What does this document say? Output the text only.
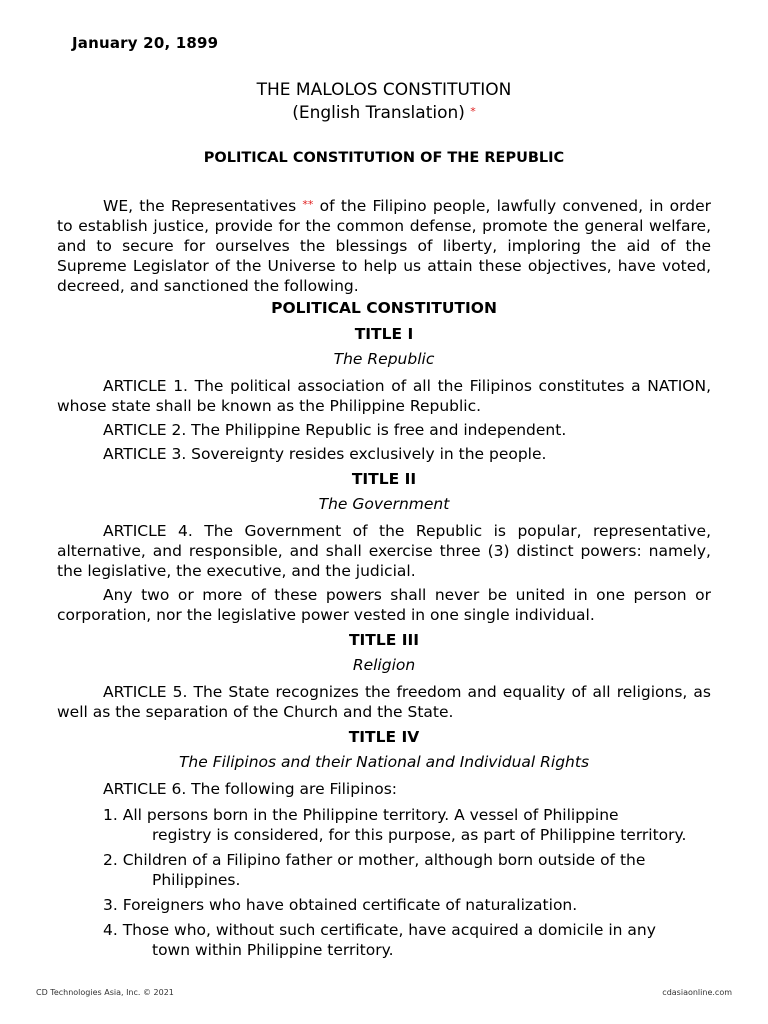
January 20, 1899
THE MALOLOS CONSTITUTION
(English Translation) *
POLITICAL CONSTITUTION OF THE REPUBLIC

WE, the Representatives ** of the Filipino people, lawfully convened, in order to establish justice, provide for the common defense, promote the general welfare, and to secure for ourselves the blessings of liberty, imploring the aid of the Supreme Legislator of the Universe to help us attain these objectives, have voted, decreed, and sanctioned the following.

POLITICAL CONSTITUTION

TITLE I

The Republic

ARTICLE 1. The political association of all the Filipinos constitutes a NATION, whose state shall be known as the Philippine Republic.

ARTICLE 2. The Philippine Republic is free and independent.

ARTICLE 3. Sovereignty resides exclusively in the people.

TITLE II

The Government

ARTICLE 4. The Government of the Republic is popular, representative, alternative, and responsible, and shall exercise three (3) distinct powers: namely, the legislative, the executive, and the judicial.

Any two or more of these powers shall never be united in one person or corporation, nor the legislative power vested in one single individual.

TITLE III

Religion

ARTICLE 5. The State recognizes the freedom and equality of all religions, as well as the separation of the Church and the State.

TITLE IV

The Filipinos and their National and Individual Rights

ARTICLE 6. The following are Filipinos:

1. All persons born in the Philippine territory. A vessel of Philippine
registry is considered, for this purpose, as part of Philippine territory.

2. Children of a Filipino father or mother, although born outside of the
Philippines.

3. Foreigners who have obtained certificate of naturalization.

4. Those who, without such certificate, have acquired a domicile in any
town within Philippine territory.

CD Technologies Asia, Inc. © 2021	cdasiaonline.com
